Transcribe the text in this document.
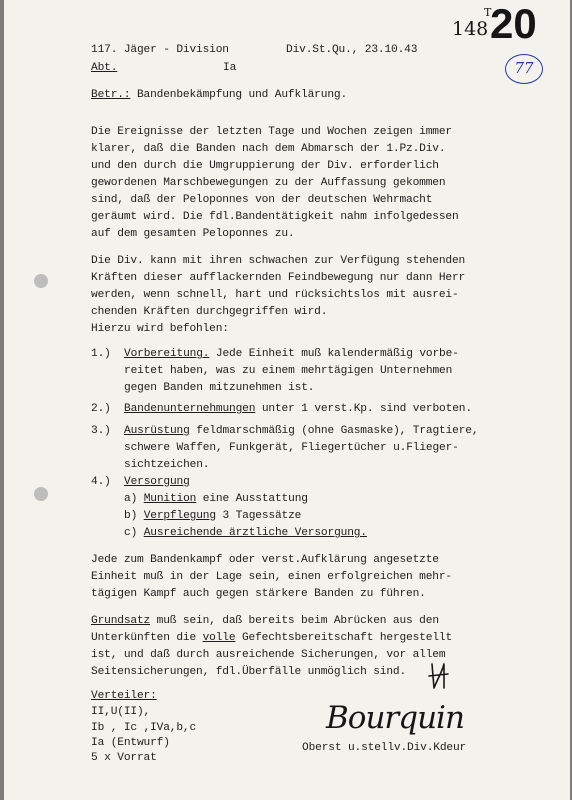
148
T
20
77
117. Jäger - Division	Div.St.Qu., 23.10.43
Abt.	Ia
Betr.: Bandenbekämpfung und Aufklärung.
Die Ereignisse der letzten Tage und Wochen zeigen immer
klarer, daß die Banden nach dem Abmarsch der 1.Pz.Div.
und den durch die Umgruppierung der Div. erforderlich
gewordenen Marschbewegungen zu der Auffassung gekommen
sind, daß der Peloponnes von der deutschen Wehrmacht
geräumt wird. Die fdl.Bandentätigkeit nahm infolgedessen
auf dem gesamten Peloponnes zu.
Die Div. kann mit ihren schwachen zur Verfügung stehenden
Kräften dieser aufflackernden Feindbewegung nur dann Herr
werden, wenn schnell, hart und rücksichtslos mit ausrei-
chenden Kräften durchgegriffen wird.
Hierzu wird befohlen:
1.) Vorbereitung. Jede Einheit muß kalendermäßig vorbe-
reitet haben, was zu einem mehrtägigen Unternehmen
gegen Banden mitzunehmen ist.
2.) Bandenunternehmungen unter 1 verst.Kp. sind verboten.
3.) Ausrüstung feldmarschmäßig (ohne Gasmaske), Tragtiere,
schwere Waffen, Funkgerät, Fliegertücher u.Flieger-
sichtzeichen.
4.) Versorgung
a) Munition eine Ausstattung
b) Verpflegung 3 Tagessätze
c) Ausreichende ärztliche Versorgung.
Jede zum Bandenkampf oder verst.Aufklärung angesetzte
Einheit muß in der Lage sein, einen erfolgreichen mehr-
tägigen Kampf auch gegen stärkere Banden zu führen.
Grundsatz muß sein, daß bereits beim Abrücken aus den
Unterkünften die volle Gefechtsbereitschaft hergestellt
ist, und daß durch ausreichende Sicherungen, vor allem
Seitensicherungen, fdl.Überfälle unmöglich sind.
Verteiler:
II,U(II),
Ib , Ic ,IVa,b,c
Ia (Entwurf)
5 x Vorrat
Bourquin
Oberst u.stellv.Div.Kdeur
